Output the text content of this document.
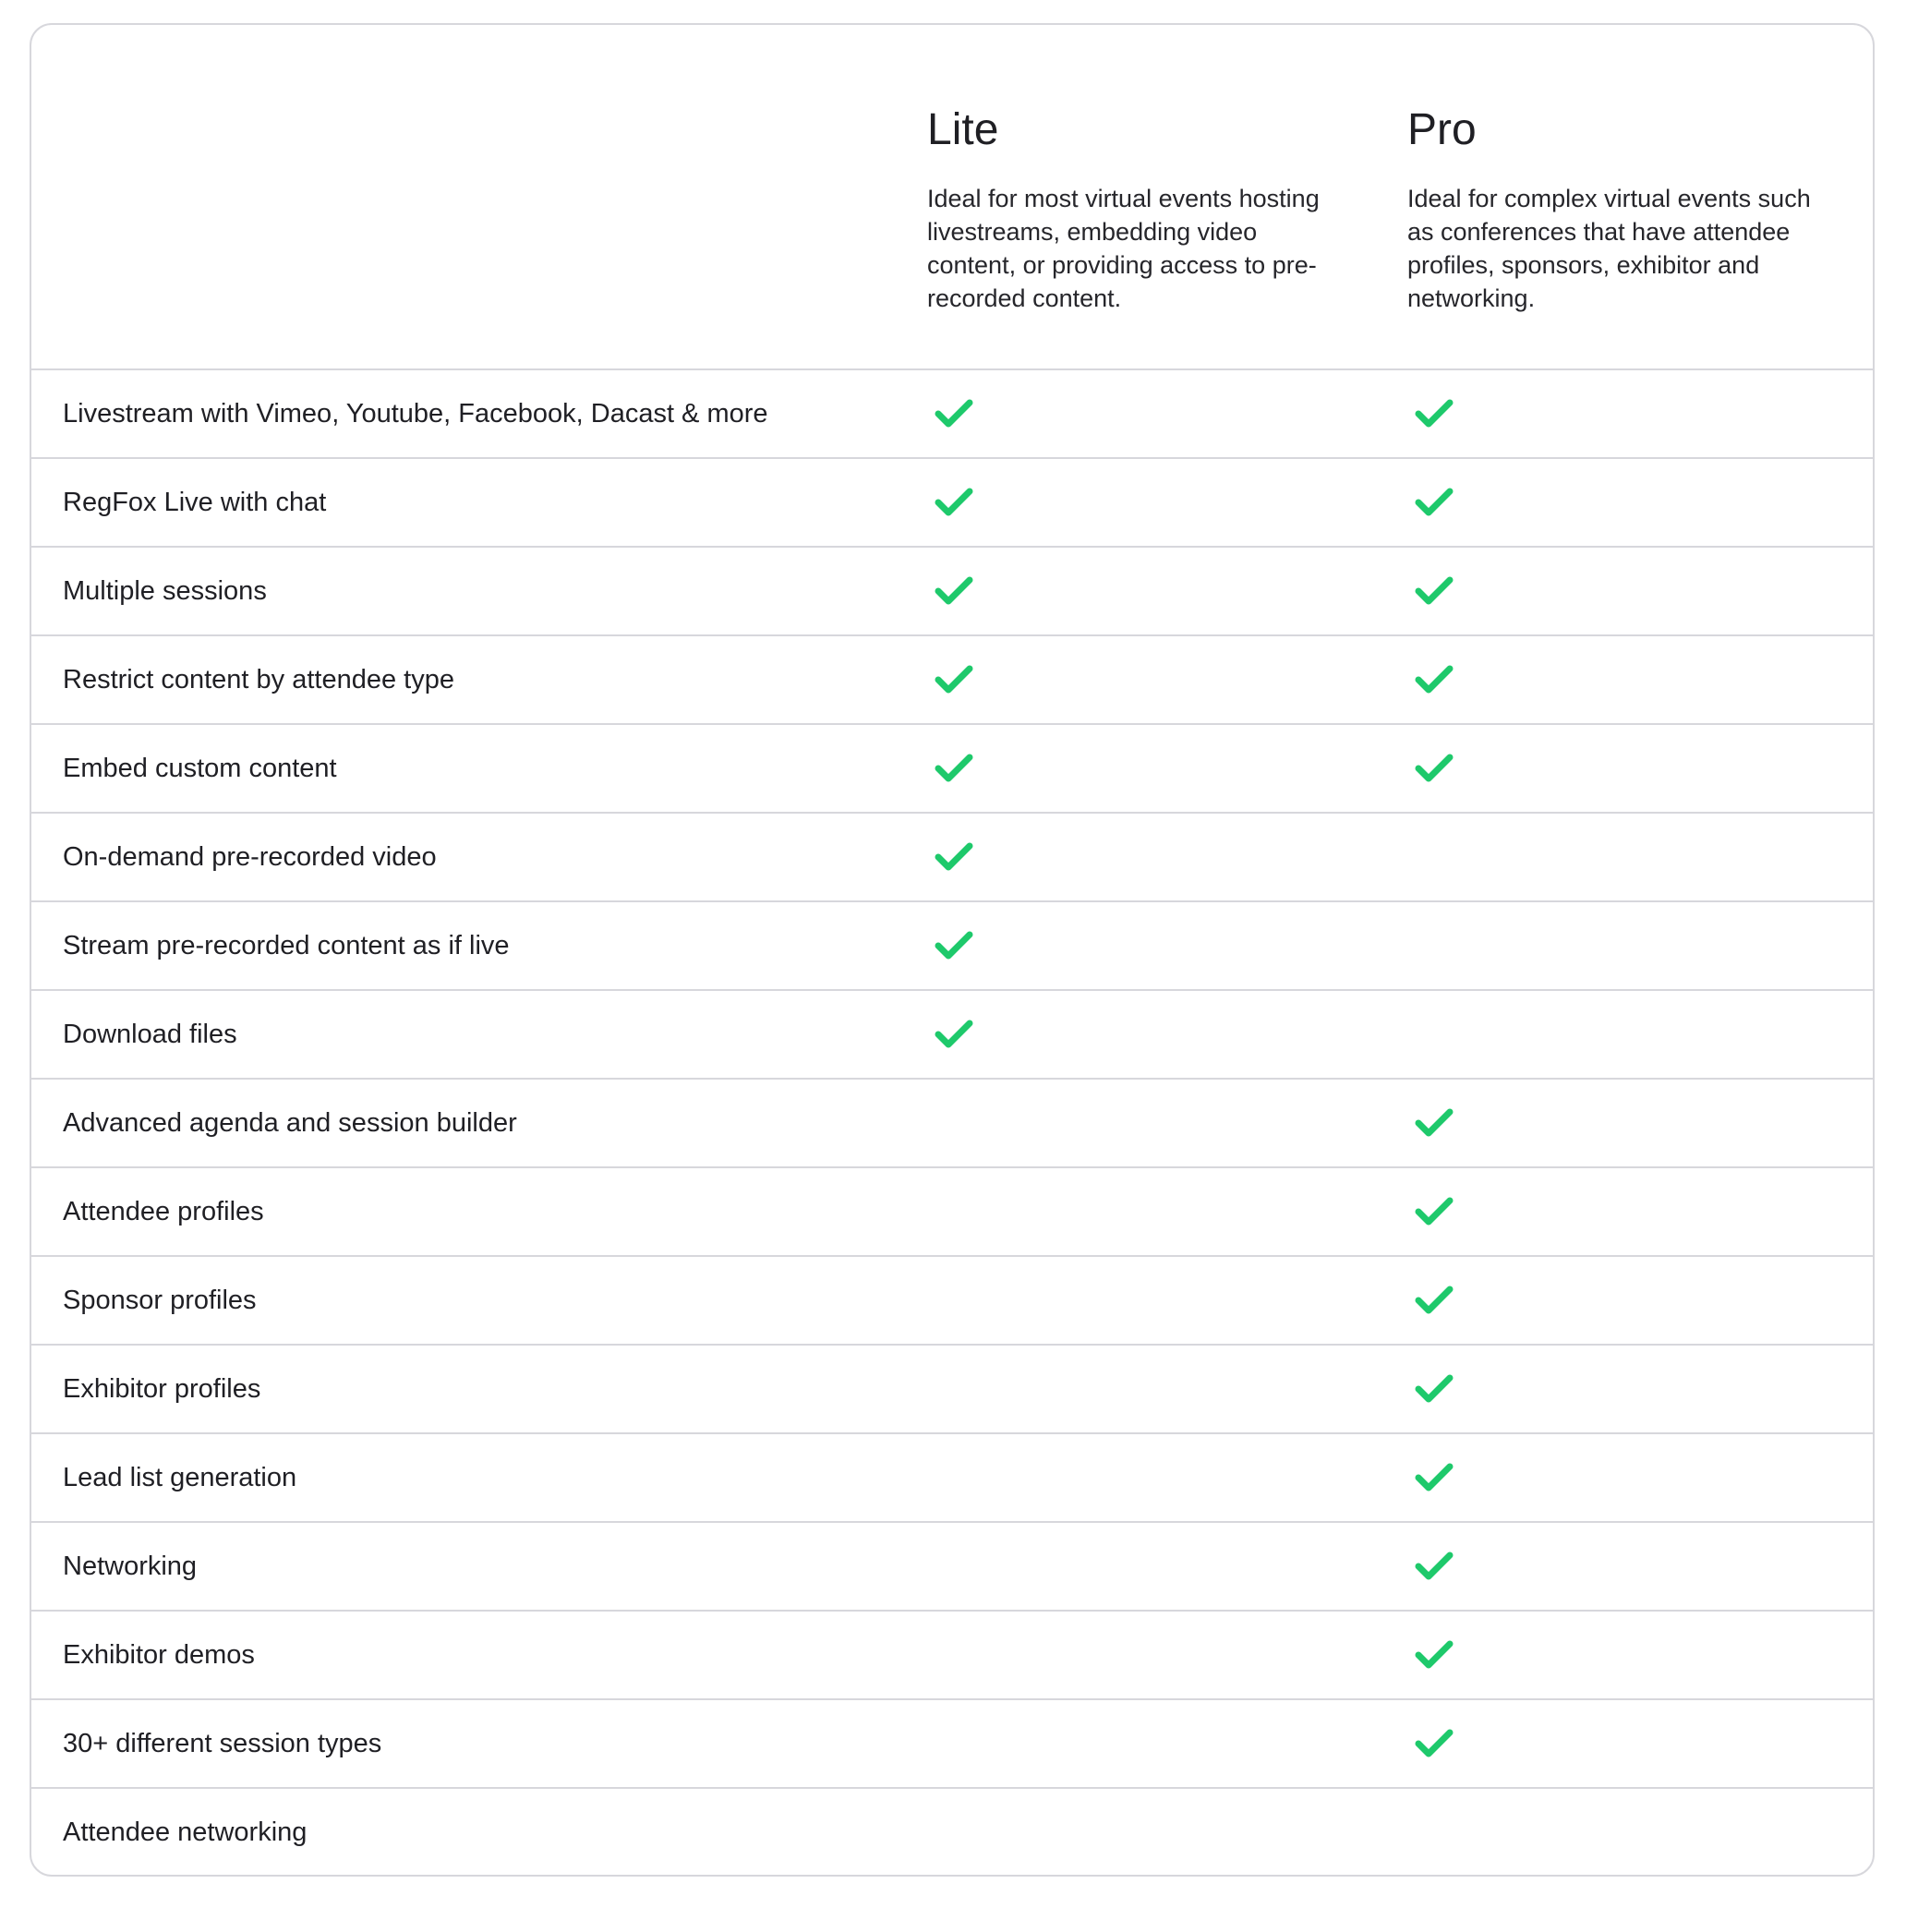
Lite

Ideal for most virtual events hosting livestreams, embedding video content, or providing access to pre-recorded content.

Pro

Ideal for complex virtual events such as conferences that have attendee profiles, sponsors, exhibitor and networking.

Livestream with Vimeo, Youtube, Facebook, Dacast & more
RegFox Live with chat
Multiple sessions
Restrict content by attendee type
Embed custom content
On-demand pre-recorded video
Stream pre-recorded content as if live
Download files
Advanced agenda and session builder
Attendee profiles
Sponsor profiles
Exhibitor profiles
Lead list generation
Networking
Exhibitor demos
30+ different session types
Attendee networking
